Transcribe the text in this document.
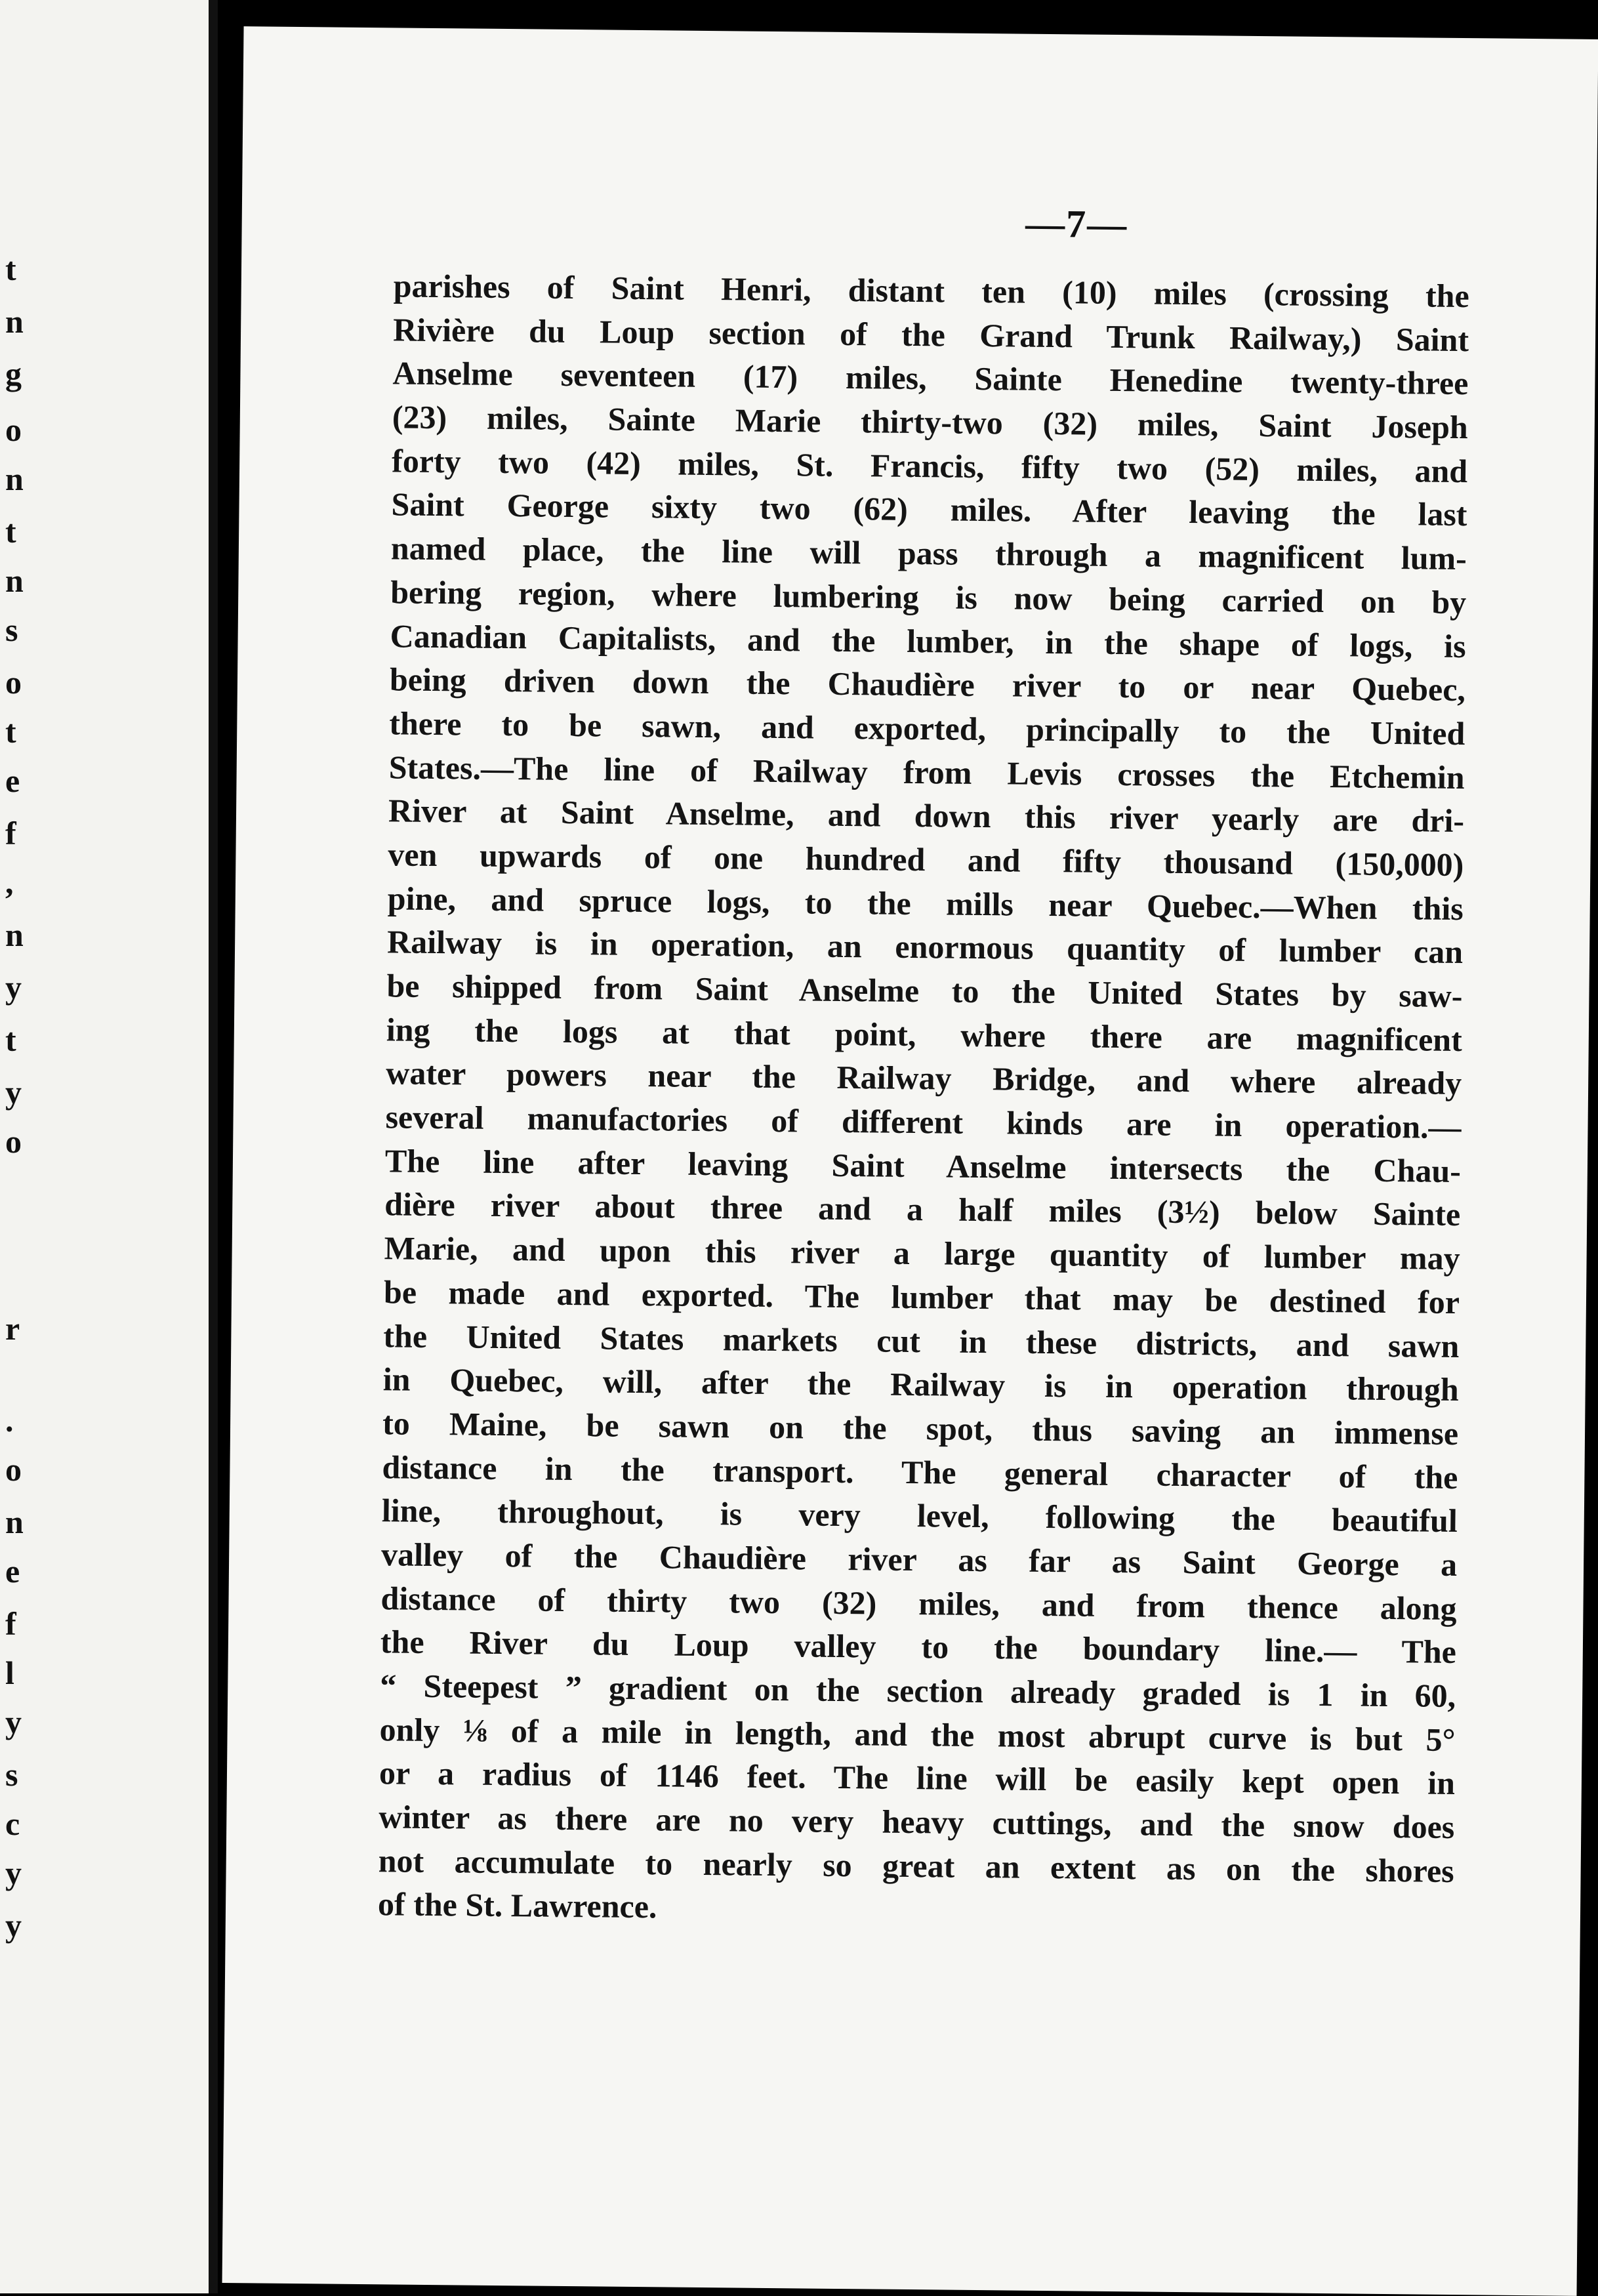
t
n
g
o
n
t
n
s
o
t
e
f
,
n
y
t
y
o
r
.
o
n
e
f
l
y
s
c
y
y
—7—
parishes of Saint Henri, distant ten (10) miles (crossing the
Rivière du Loup section of the Grand Trunk Railway,) Saint
Anselme seventeen (17) miles, Sainte Henedine twenty-three
(23) miles, Sainte Marie thirty-two (32) miles, Saint Joseph
forty two (42) miles, St. Francis, fifty two (52) miles, and
Saint George sixty two (62) miles. After leaving the last
named place, the line will pass through a magnificent lum-
bering region, where lumbering is now being carried on by
Canadian Capitalists, and the lumber, in the shape of logs, is
being driven down the Chaudière river to or near Quebec,
there to be sawn, and exported, principally to the United
States.—The line of Railway from Levis crosses the Etchemin
River at Saint Anselme, and down this river yearly are dri-
ven upwards of one hundred and fifty thousand (150,000)
pine, and spruce logs, to the mills near Quebec.—When this
Railway is in operation, an enormous quantity of lumber can
be shipped from Saint Anselme to the United States by saw-
ing the logs at that point, where there are magnificent
water powers near the Railway Bridge, and where already
several manufactories of different kinds are in operation.—
The line after leaving Saint Anselme intersects the Chau-
dière river about three and a half miles (3½) below Sainte
Marie, and upon this river a large quantity of lumber may
be made and exported. The lumber that may be destined for
the United States markets cut in these districts, and sawn
in Quebec, will, after the Railway is in operation through
to Maine, be sawn on the spot, thus saving an immense
distance in the transport. The general character of the
line, throughout, is very level, following the beautiful
valley of the Chaudière river as far as Saint George a
distance of thirty two (32) miles, and from thence along
the River du Loup valley to the boundary line.— The
“ Steepest ” gradient on the section already graded is 1 in 60,
only ⅛ of a mile in length, and the most abrupt curve is but 5°
or a radius of 1146 feet. The line will be easily kept open in
winter as there are no very heavy cuttings, and the snow does
not accumulate to nearly so great an extent as on the shores
of the St. Lawrence.
